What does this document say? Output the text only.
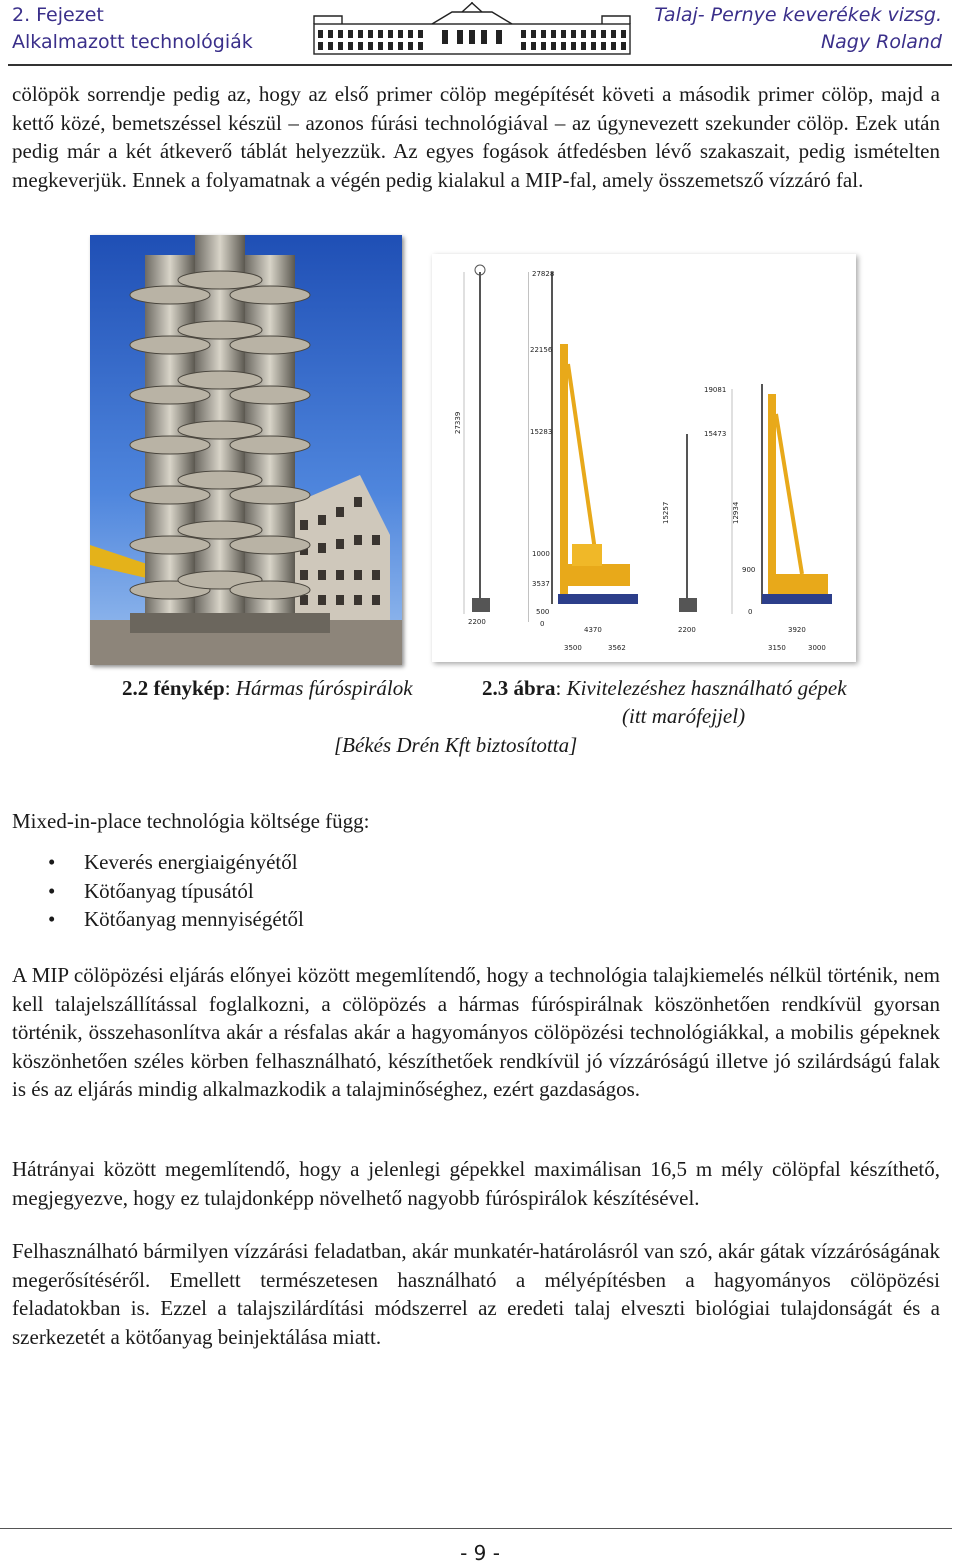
2. Fejezet
Alkalmazott technológiák
Talaj- Pernye keverékek vizsg.
Nagy Roland

cölöpök sorrendje pedig az, hogy az első primer cölöp megépítését követi a második primer cölöp, majd a kettő közé, bemetszéssel készül – azonos fúrási technológiával – az úgynevezett szekunder cölöp. Ezek után pedig már a két átkeverő táblát helyezzük. Az egyes fogások átfedésben lévő szakaszait, pedig ismételten megkeverjük. Ennek a folyamatnak a végén pedig kialakul a MIP-fal, amely összemetsző vízzáró fal.

27339
2200
27828
22156
15283
1000
3537
500
0
4370
3500	3562
15257
2200
19081
15473
12934
900
0
3920
3150	3000
2.2 fénykép: Hármas fúróspirálok	2.3 ábra: Kivitelezéshez használható gépek
(itt marófejjel)
[Békés Drén Kft biztosította]

Mixed-in-place technológia költsége függ:

• Keverés energiaigényétől
• Kötőanyag típusától
• Kötőanyag mennyiségétől

A MIP cölöpözési eljárás előnyei között megemlítendő, hogy a technológia talajkiemelés nélkül történik, nem kell talajelszállítással foglalkozni, a cölöpözés a hármas fúróspirálnak köszönhetően rendkívül gyorsan történik, összehasonlítva akár a résfalas akár a hagyományos cölöpözési technológiákkal, a mobilis gépeknek köszönhetően széles körben felhasználható, készíthetőek rendkívül jó vízzáróságú illetve jó szilárdságú falak is és az eljárás mindig alkalmazkodik a talajminőséghez, ezért gazdaságos.

Hátrányai között megemlítendő, hogy a jelenlegi gépekkel maximálisan 16,5 m mély cölöpfal készíthető, megjegyezve, hogy ez tulajdonképp növelhető nagyobb fúróspirálok készítésével.

Felhasználható bármilyen vízzárási feladatban, akár munkatér-határolásról van szó, akár gátak vízzáróságának megerősítéséről. Emellett természetesen használható a mélyépítésben a hagyományos cölöpözési feladatokban is. Ezzel a talajszilárdítási módszerrel az eredeti talaj elveszti biológiai tulajdonságát és a szerkezetét a kötőanyag beinjektálása miatt.

- 9 -
